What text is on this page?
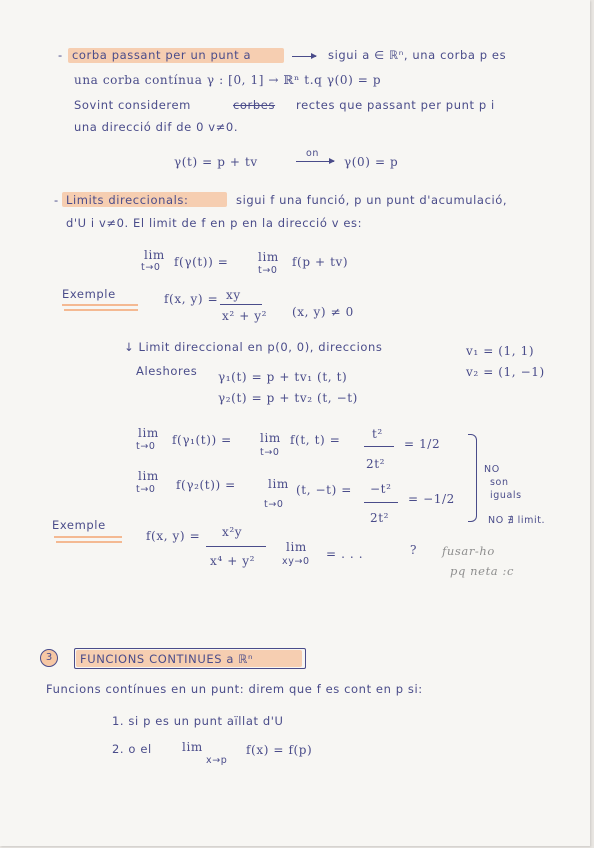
- corba passant per un punt a	sigui a ∈ ℝⁿ, una corba p es
una corba contínua γ : [0, 1] → ℝⁿ t.q γ(0) = p
Sovint considerem	corbes rectes que passant per punt p i
una direcció dif de 0 v≠0.
γ(t) = p + tv
on
γ(0) = p
- Limits direccionals:	sigui f una funció, p un punt d'acumulació,
d'U i v≠0. El limit de f en p en la direcció v es:
lim
t→0 f(γ(t)) = lim
t→0
f(p + tv)
Exemple	f(x, y) = xy
x² + y² (x, y) ≠ 0
↓ Limit direccional en p(0, 0), direccions	v₁ = (1, 1)
v₂ = (1, −1)
Aleshores γ₁(t) = p + tv₁ (t, t)
γ₂(t) = p + tv₂ (t, −t)
lim
t→0 f(γ₁(t)) = lim
t→0
f(t, t) =	t²
2t²
= 1/2
lim
t→0 f(γ₂(t)) =	lim
t→0
(t, −t) = −t²
2t²
= −1/2
NO
son
iguals
NO ∄ limit.
Exemple
f(x, y) = x²y
x⁴ + y²
lim
xy→0
= . . .	? fusar-ho
pq neta :c
3	FUNCIONS CONTINUES a ℝⁿ
Funcions contínues en un punt: direm que f es cont en p si:
1. si p es un punt aïllat d'U
2. o el	lim
x→p
f(x) = f(p)
